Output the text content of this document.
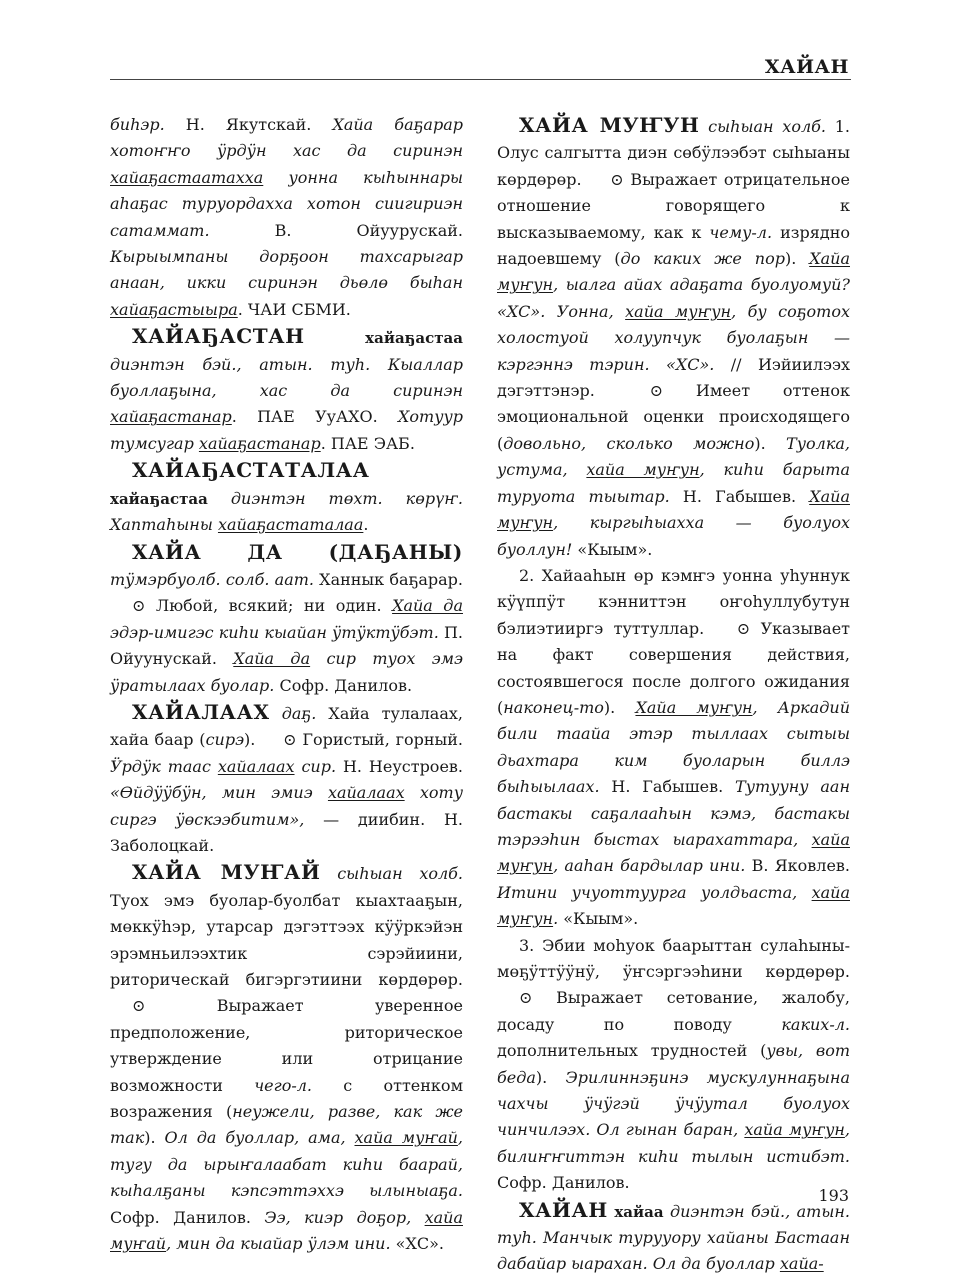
ХАЙАН

биһэр. Н. Якутскай. Хайа баҕарар хотоҥҥо ӱрдӱн хас да сиринэн хайаҕастаатахха уонна кыһыннары аһаҕас туруордахха хотон сиигириэн сатаммат.	В. Ойуурускай. Кырыымпаны дорҕоон тахсарыгар анаан, икки сиринэн дьөлө быһан хайаҕастыыра. ЧАИ СБМИ.

ХАЙАҔАСТАН	хайаҕастаа диэнтэн бэй., атын. туһ. Кыаллар буоллаҕына, хас да сиринэн хайаҕастанар. ПАЕ УуАХО. Хотуур тумсугар хайаҕастанар. ПАЕ ЭАБ.

ХАЙАҔАСТАТАЛАА хайаҕастаа диэнтэн төхт. көрүҥ. Хаптаһыны хайаҕастаталаа.

ХАЙА ДА (ДАҔАНЫ) тӱмэрбуолб. солб. аат. Ханнык баҕарар. ⊙ Любой, всякий; ни один. Хайа да эдэр-имигэс киһи кыайан ӱтӱктӱбэт. П. Ойуунускай. Хайа да сир туох эмэ ӱратылаах буолар. Софр. Данилов.

ХАЙАЛААХ даҕ. Хайа тулалаах, хайа баар (сирэ). ⊙ Гористый, горный. Ӱрдӱк таас хайалаах сир. Н. Неустроев. «Өйдӱӱбӱн, мин эмиэ хайалаах хоту сиргэ ӱөскээбитим», — диибин. Н. Заболоцкай.

ХАЙА МУҤАЙ сыһыан холб. Туох эмэ буолар-буолбат кыахтааҕын, мөккӱһэр, утарсар дэгэттээх кӱӱркэйэн эрэмньилээхтик сэрэйиини, риторическай бигэргэтиини көрдөрөр. ⊙	Выражает уверенное предположение, риторическое утверждение или отрицание возможности чего-л. с оттенком возражения (неужели, разве, как же так). Ол да буоллар, ама, хайа муҥай, тугу да ырыҥалаабат киһи баарай, кыһалҕаны кэпсэттэххэ ылыныаҕа. Софр. Данилов. Ээ, киэр доҕор, хайа муҥай, мин да кыайар ӱлэм ини. «ХС».

ХАЙА МУҤУН сыһыан холб. 1. Олус салгытта диэн сөбӱлээбэт сыһыаны көрдөрөр. ⊙ Выражает отрицательное отношение говорящего к высказываемому, как к чему-л. изрядно надоевшему (до каких же пор). Хайа муҥун, ыалга айах адаҕата буолуомуй? «ХС». Уонна, хайа муҥун, бу соҕотох холостуой холуупчук буолаҕын — кэргэннэ тэрин. «ХС». // Иэйиилээх дэгэттэнэр.	⊙ Имеет оттенок эмоциональной оценки происходящего (довольно, сколько можно). Туолка, устума, хайа муҥун, киһи барыта туруота тыытар. Н. Габышев. Хайа муҥун, кыргыһыахха — буолуох буоллун! «Кыым».

2. Хайааһын өр кэмҥэ уонна уһуннук кӱүппӱт кэнниттэн оҥоһуллубутун бэлиэтииргэ туттуллар. ⊙ Указывает на факт совершения действия, состоявшегося после долгого ожидания (наконец-то). Хайа муҥун, Аркадий били таайа этэр тыллаах сытыы дьахтара ким буоларын биллэ быһыылаах. Н. Габышев. Тутууну аан бастакы саҕалааһын кэмэ, бастакы тэрээһин быстах ыарахаттара, хайа муҥун, ааһан бардылар ини. В. Яковлев. Итини учуоттуурга уолдьаста, хайа муҥун. «Кыым».

3. Эбии моһуок баарыттан сулаһыны-мөҕӱттӱӱнӱ, ӱҥсэргээһини көрдөрөр. ⊙ Выражает сетование, жалобу, досаду по поводу	каких-л. дополнительных трудностей (увы, вот беда). Эрилиннэҕинэ мускулуннаҕына чахчы ӱчӱгэй ӱчӱутал буолуох чинчилээх. Ол гынан баран, хайа муҥун, билиҥҥиттэн киһи тылын истибэт. Софр. Данилов.

ХАЙАН хайаа диэнтэн бэй., атын. туһ. Манчык турууору хайаны Бастаан дабайар ыарахан. Ол да буоллар хайа-

193
